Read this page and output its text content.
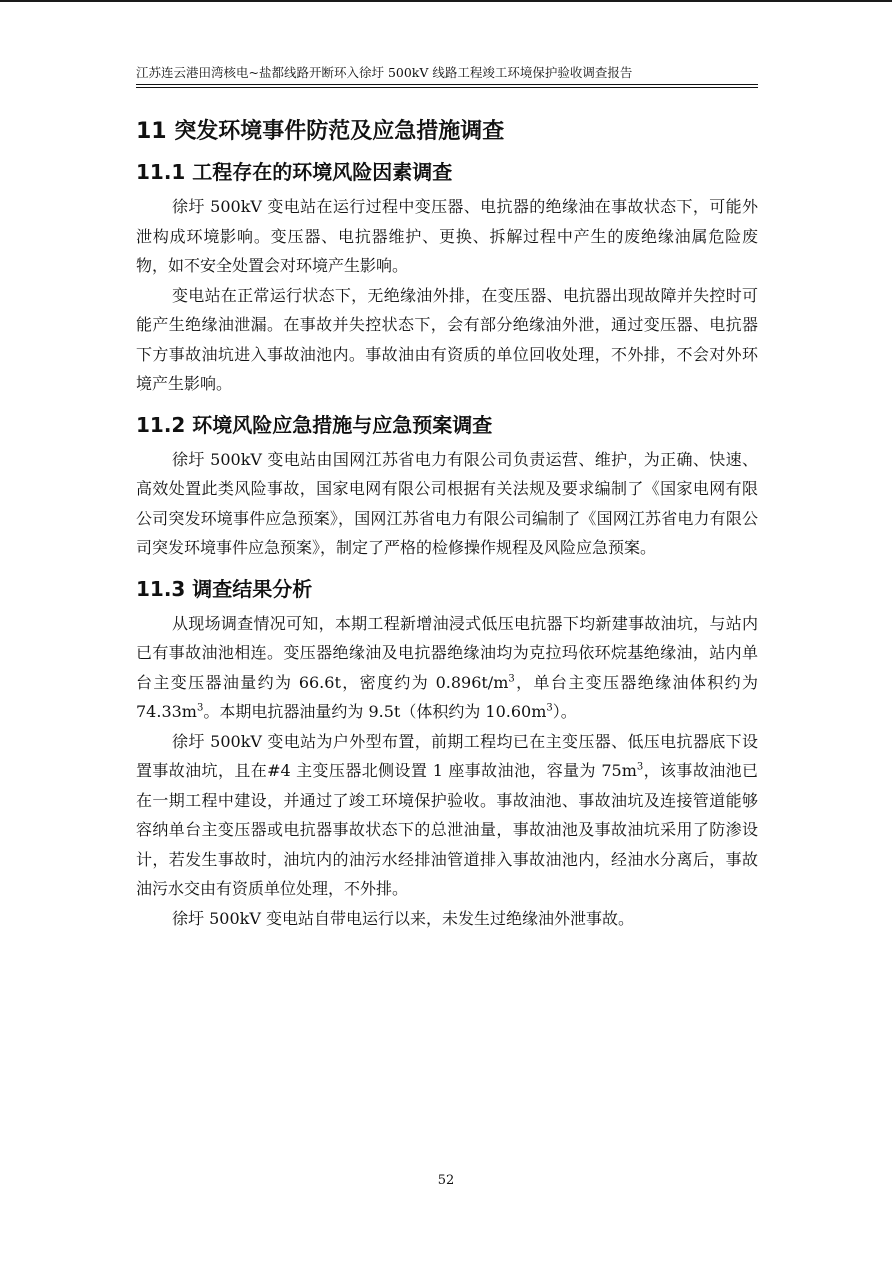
江苏连云港田湾核电~盐都线路开断环入徐圩 500kV 线路工程竣工环境保护验收调查报告
11 突发环境事件防范及应急措施调查
11.1 工程存在的环境风险因素调查

徐圩 500kV 变电站在运行过程中变压器、电抗器的绝缘油在事故状态下，可能外泄构成环境影响。变压器、电抗器维护、更换、拆解过程中产生的废绝缘油属危险废物，如不安全处置会对环境产生影响。

变电站在正常运行状态下，无绝缘油外排，在变压器、电抗器出现故障并失控时可能产生绝缘油泄漏。在事故并失控状态下，会有部分绝缘油外泄，通过变压器、电抗器下方事故油坑进入事故油池内。事故油由有资质的单位回收处理，不外排，不会对外环境产生影响。

11.2 环境风险应急措施与应急预案调查

徐圩 500kV 变电站由国网江苏省电力有限公司负责运营、维护，为正确、快速、高效处置此类风险事故，国家电网有限公司根据有关法规及要求编制了《国家电网有限公司突发环境事件应急预案》，国网江苏省电力有限公司编制了《国网江苏省电力有限公司突发环境事件应急预案》，制定了严格的检修操作规程及风险应急预案。

11.3 调查结果分析

从现场调查情况可知，本期工程新增油浸式低压电抗器下均新建事故油坑，与站内已有事故油池相连。变压器绝缘油及电抗器绝缘油均为克拉玛依环烷基绝缘油，站内单台主变压器油量约为 66.6t，密度约为 $0.896t/m^3$，单台主变压器绝缘油体积约为 $74.33m^3$。本期电抗器油量约为 9.5t（体积约为 $10.60m^3$）。

徐圩 500kV 变电站为户外型布置，前期工程均已在主变压器、低压电抗器底下设置事故油坑，且在#4 主变压器北侧设置 1 座事故油池，容量为 $75m^3$，该事故油池已在一期工程中建设，并通过了竣工环境保护验收。事故油池、事故油坑及连接管道能够容纳单台主变压器或电抗器事故状态下的总泄油量，事故油池及事故油坑采用了防渗设计，若发生事故时，油坑内的油污水经排油管道排入事故油池内，经油水分离后，事故油污水交由有资质单位处理，不外排。

徐圩 500kV 变电站自带电运行以来，未发生过绝缘油外泄事故。

52
